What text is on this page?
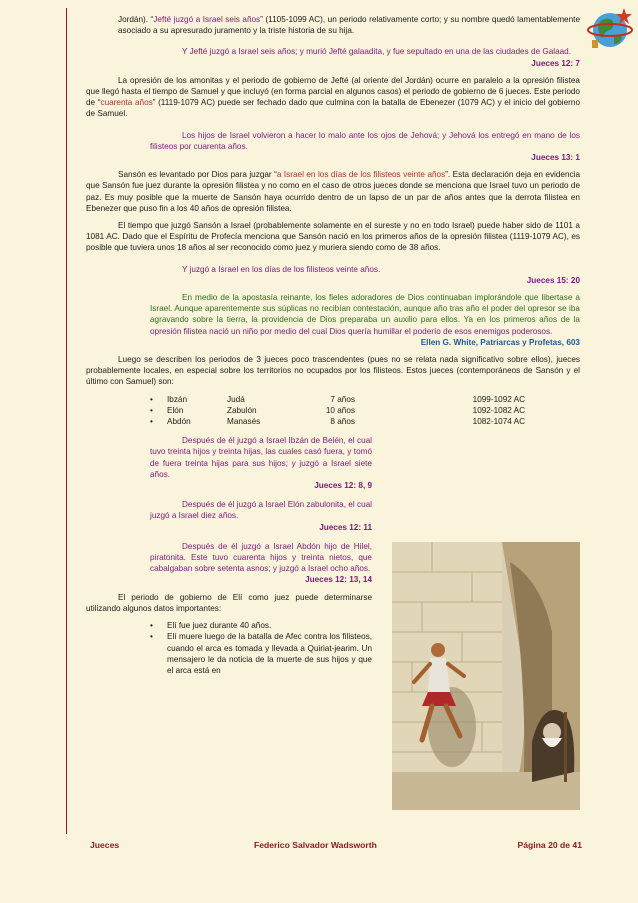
Jordán). “Jefté juzgó a Israel seis años” (1105-1099 AC), un periodo relativamente corto; y su nombre quedó lamentablemente asociado a su apresurado juramento y la triste historia de su hija.

Y Jefté juzgó a Israel seis años; y murió Jefté galaadita, y fue sepultado en una de las ciudades de Galaad.

Jueces 12: 7

La opresión de los amonitas y el periodo de gobierno de Jefté (al oriente del Jordán) ocurre en paralelo a la opresión filistea que llegó hasta el tiempo de Samuel y que incluyó (en forma parcial en algunos casos) el periodo de gobierno de 6 jueces. Este periodo de “cuarenta años” (1119-1079 AC) puede ser fechado dado que culmina con la batalla de Ebenezer (1079 AC) y el inicio del gobierno de Samuel.

Los hijos de Israel volvieron a hacer lo malo ante los ojos de Jehová; y Jehová los entregó en mano de los filisteos por cuarenta años.

Jueces 13: 1

Sansón es levantado por Dios para juzgar “a Israel en los días de los filisteos veinte años”. Esta declaración deja en evidencia que Sansón fue juez durante la opresión filistea y no como en el caso de otros jueces donde se menciona que Israel tuvo un periodo de paz. Es muy posible que la muerte de Sansón haya ocurrido dentro de un lapso de un par de años antes que la derrota filistea en Ebenezer que puso fin a los 40 años de opresión filistea.

El tiempo que juzgó Sansón a Israel (probablemente solamente en el sureste y no en todo Israel) puede haber sido de 1101 a 1081 AC. Dado que el Espíritu de Profecía menciona que Sansón nació en los primeros años de la opresión filistea (1119-1079 AC), es posible que tuviera unos 18 años al ser reconocido como juez y muriera siendo como de 38 años.

Y juzgó a Israel en los días de los filisteos veinte años.

Jueces 15: 20

En medio de la apostasía reinante, los fieles adoradores de Dios continuaban implorándole que libertase a Israel. Aunque aparentemente sus súplicas no recibían contestación, aunque año tras año el poder del opresor se iba agravando sobre la tierra, la providencia de Dios preparaba un auxilio para ellos. Ya en los primeros años de la opresión filistea nació un niño por medio del cual Dios quería humillar el poderío de esos enemigos poderosos.

Ellen G. White, Patriarcas y Profetas, 603

Luego se describen los periodos de 3 jueces poco trascendentes (pues no se relata nada significativo sobre ellos), jueces probablemente locales, en especial sobre los territorios no ocupados por los filisteos. Estos jueces (contemporáneos de Sansón y el último con Samuel) son:

•	Ibzán	Judá	7 años	1099-1092 AC
•	Elón	Zabulón	10 años	1092-1082 AC
•	Abdón	Manasés	8 años	1082-1074 AC

Después de él juzgó a Israel Ibzán de Belén, el cual tuvo treinta hijos y treinta hijas, las cuales casó fuera, y tomó de fuera treinta hijas para sus hijos; y juzgó a Israel siete años.

Jueces 12: 8, 9

Después de él juzgó a Israel Elón zabulonita, el cual juzgó a Israel diez años.

Jueces 12: 11

Después de él juzgó a Israel Abdón hijo de Hilel, piratonita. Este tuvo cuarenta hijos y treinta nietos, que cabalgaban sobre setenta asnos; y juzgó a Israel ocho años.

Jueces 12: 13, 14

El periodo de gobierno de Elí como juez puede determinarse utilizando algunos datos importantes:

•	Elí fue juez durante 40 años.
•	Elí muere luego de la batalla de Afec contra los filisteos, cuando el arca es tomada y llevada a Quiriat-jearim. Un mensajero le da noticia de la muerte de sus hijos y que el arca está en
Jueces	Federico Salvador Wadsworth	Página 20 de 41
